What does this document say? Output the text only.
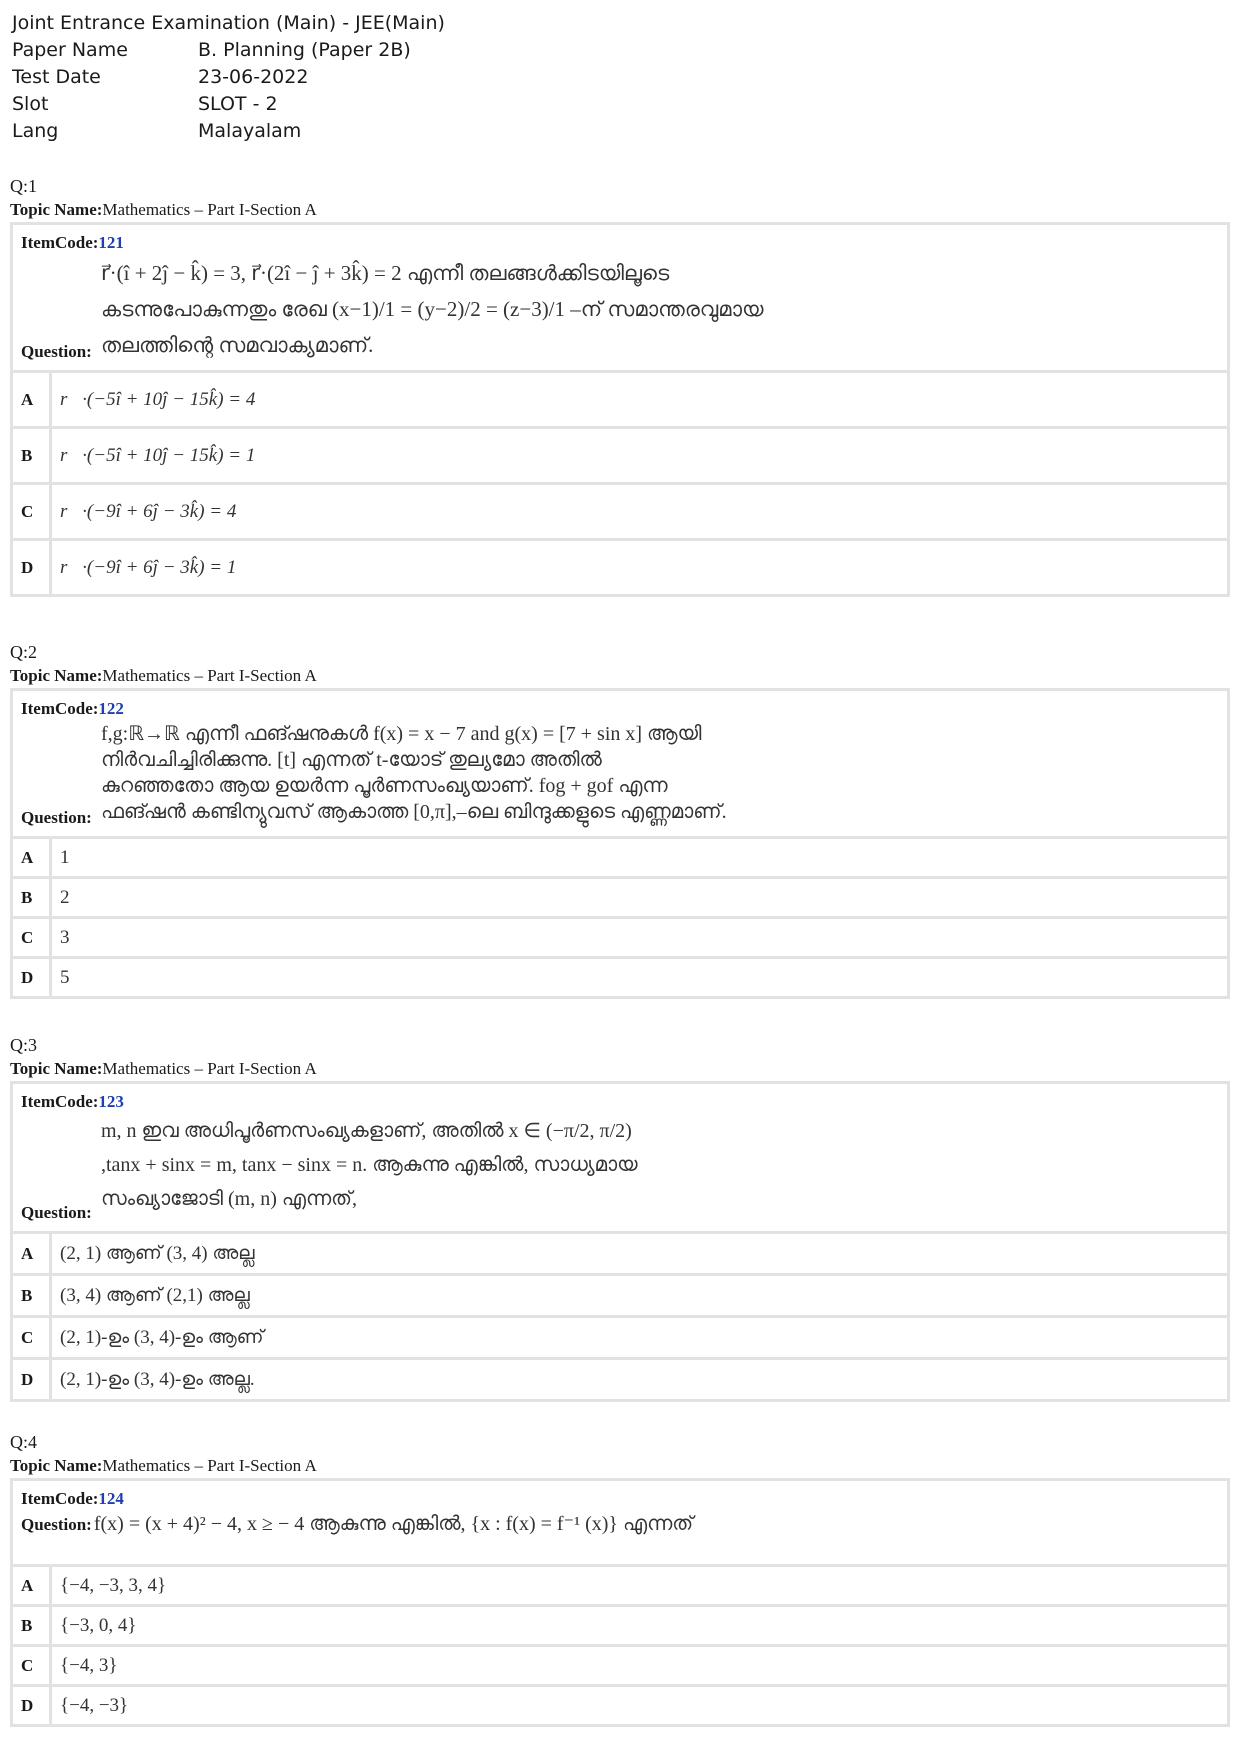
Joint Entrance Examination (Main) - JEE(Main)
Paper Name	B. Planning (Paper 2B)
Test Date	23-06-2022
Slot	SLOT - 2
Lang	Malayalam
Q:1
Topic Name:Mathematics – Part I-Section A
ItemCode:121
r⃗·(î + 2ĵ − k̂) = 3, r⃗·(2î − ĵ + 3k̂) = 2 എന്നീ തലങ്ങൾക്കിടയിലൂടെ
കടന്നുപോകുന്നതും രേഖ (x−1)/1 = (y−2)/2 = (z−3)/1 –ന് സമാന്തരവുമായ
തലത്തിന്റെ സമവാക്യമാണ്.
Question:
A	r⃗·(−5î + 10ĵ − 15k̂) = 4
B	r⃗·(−5î + 10ĵ − 15k̂) = 1
C	r⃗·(−9î + 6ĵ − 3k̂) = 4
D	r⃗·(−9î + 6ĵ − 3k̂) = 1
Q:2
Topic Name:Mathematics – Part I-Section A
ItemCode:122
f,g:ℝ→ℝ എന്നീ ഫങ്ഷനുകൾ f(x) = x − 7 and g(x) = [7 + sin x] ആയി
നിർവചിച്ചിരിക്കുന്നു. [t] എന്നത് t-യോട് തുല്യമോ അതിൽ
കുറഞ്ഞതോ ആയ ഉയർന്ന പൂർണസംഖ്യയാണ്. fog + gof എന്ന
ഫങ്ഷൻ കണ്ടിന്യുവസ് ആകാത്ത [0,π],–ലെ ബിന്ദുക്കളുടെ എണ്ണമാണ്.
Question:
A	1
B	2
C	3
D	5
Q:3
Topic Name:Mathematics – Part I-Section A
ItemCode:123
m, n ഇവ അധിപൂർണസംഖ്യകളാണ്, അതിൽ x ∈ (−π/2, π/2)
,tanx + sinx = m, tanx − sinx = n. ആകുന്നു എങ്കിൽ, സാധ്യമായ
സംഖ്യാജോടി (m, n) എന്നത്,
Question:
A	(2, 1) ആണ് (3, 4) അല്ല
B	(3, 4) ആണ് (2,1) അല്ല
C	(2, 1)-ഉം (3, 4)-ഉം ആണ്
D	(2, 1)-ഉം (3, 4)-ഉം അല്ല.
Q:4
Topic Name:Mathematics – Part I-Section A
ItemCode:124
Question: f(x) = (x + 4)² − 4, x ≥ − 4 ആകുന്നു എങ്കിൽ, {x : f(x) = f⁻¹ (x)} എന്നത്
A	{−4, −3, 3, 4}
B	{−3, 0, 4}
C	{−4, 3}
D	{−4, −3}
